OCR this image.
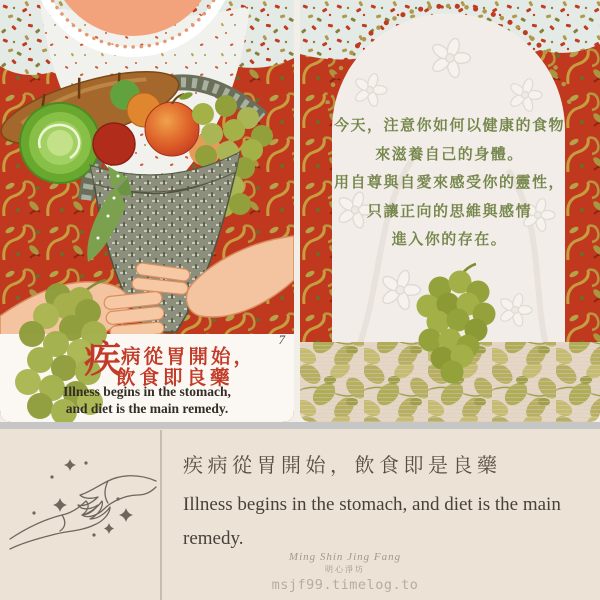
7
疾病從胃開始，
飲食即良藥
Illness begins in the stomach,
and diet is the main remedy.
今天，注意你如何以健康的食物
來滋養自己的身體。
用自尊與自愛來感受你的靈性，
只讓正向的思維與感情
進入你的存在。
疾病從胃開始，飲食即是良藥
Illness begins in the stomach, and diet is the main
remedy.
Ming Shin Jing Fang
明心淨坊
msjf99.timelog.to
